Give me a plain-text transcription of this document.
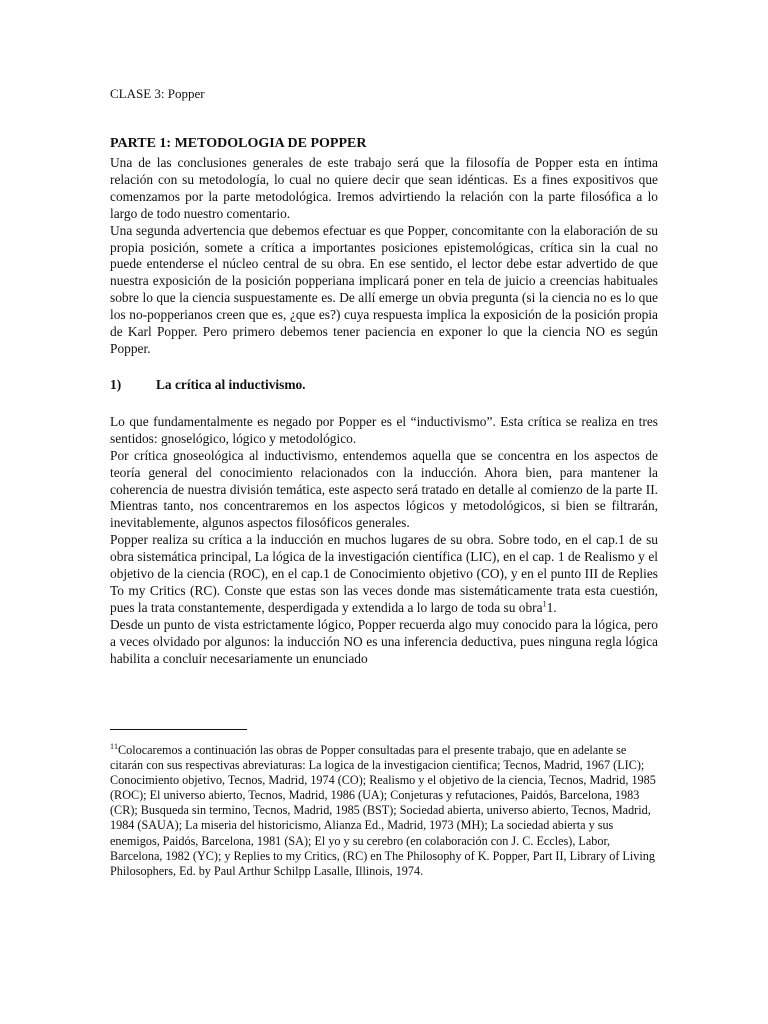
CLASE 3: Popper

PARTE 1: METODOLOGIA DE POPPER

Una de las conclusiones generales de este trabajo será que la filosofía de Popper esta en íntima relación con su metodología, lo cual no quiere decir que sean idénticas. Es a fines expositivos que comenzamos por la parte metodológica. Iremos advirtiendo la relación con la parte filosófica a lo largo de todo nuestro comentario.

Una segunda advertencia que debemos efectuar es que Popper, concomitante con la elaboración de su propia posición, somete a crítica a importantes posiciones epistemológicas, crítica sin la cual no puede entenderse el núcleo central de su obra. En ese sentido, el lector debe estar advertido de que nuestra exposición de la posición popperiana implicará poner en tela de juicio a creencias habituales sobre lo que la ciencia suspuestamente es. De allí emerge un obvia pregunta (si la ciencia no es lo que los no-popperianos creen que es, ¿que es?) cuya respuesta implica la exposición de la posición propia de Karl Popper. Pero primero debemos tener paciencia en exponer lo que la ciencia NO es según Popper.

1)	La crítica al inductivismo.

Lo que fundamentalmente es negado por Popper es el “inductivismo”. Esta crítica se realiza en tres sentidos: gnoselógico, lógico y metodológico.

Por crítica gnoseológica al inductivismo, entendemos aquella que se concentra en los aspectos de teoría general del conocimiento relacionados con la inducción. Ahora bien, para mantener la coherencia de nuestra división temática, este aspecto será tratado en detalle al comienzo de la parte II. Mientras tanto, nos concentraremos en los aspectos lógicos y metodológicos, si bien se filtrarán, inevitablemente, algunos aspectos filosóficos generales.

Popper realiza su crítica a la inducción en muchos lugares de su obra. Sobre todo, en el cap.1 de su obra sistemática principal, La lógica de la investigación científica (LIC), en el cap. 1 de Realismo y el objetivo de la ciencia (ROC), en el cap.1 de Conocimiento objetivo (CO), y en el punto III de Replies To my Critics (RC). Conste que estas son las veces donde mas sistemáticamente trata esta cuestión, pues la trata constantemente, desperdigada y extendida a lo largo de toda su obra$^1$1.

Desde un punto de vista estrictamente lógico, Popper recuerda algo muy conocido para la lógica, pero a veces olvidado por algunos: la inducción NO es una inferencia deductiva, pues ninguna regla lógica habilita a concluir necesariamente un enunciado

$^{11}$Colocaremos a continuación las obras de Popper consultadas para el presente trabajo, que en adelante se citarán con sus respectivas abreviaturas: La logica de la investigacion cientifica; Tecnos, Madrid, 1967 (LIC); Conocimiento objetivo, Tecnos, Madrid, 1974 (CO); Realismo y el objetivo de la ciencia, Tecnos, Madrid, 1985 (ROC); El universo abierto, Tecnos, Madrid, 1986 (UA); Conjeturas y refutaciones, Paidós, Barcelona, 1983 (CR); Busqueda sin termino, Tecnos, Madrid, 1985 (BST); Sociedad abierta, universo abierto, Tecnos, Madrid, 1984 (SAUA); La miseria del historicismo, Alianza Ed., Madrid, 1973 (MH); La sociedad abierta y sus enemigos, Paidós, Barcelona, 1981 (SA); El yo y su cerebro (en colaboración con J. C. Eccles), Labor, Barcelona, 1982 (YC); y Replies to my Critics, (RC) en The Philosophy of K. Popper, Part II, Library of Living Philosophers, Ed. by Paul Arthur Schilpp Lasalle, Illinois, 1974.
